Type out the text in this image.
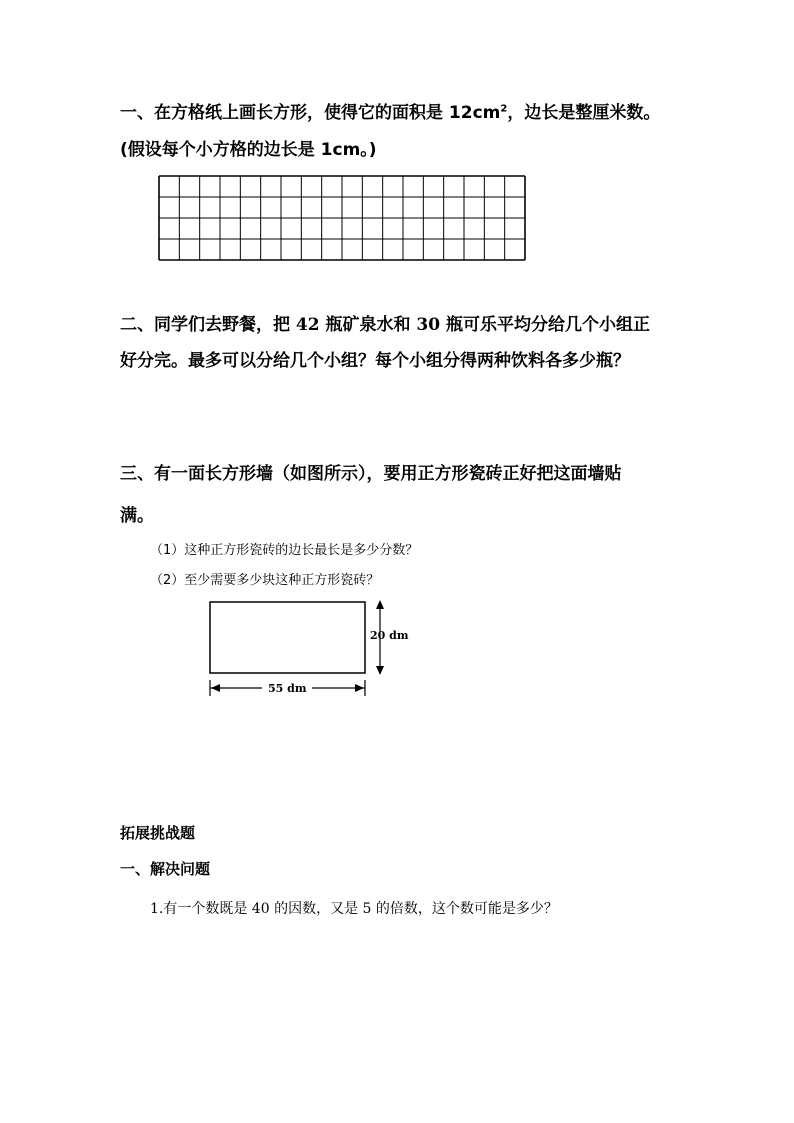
一、在方格纸上画长方形，使得它的面积是 $12cm^2$，边长是整厘米数。

(假设每个小方格的边长是 1cm。)

二、同学们去野餐，把 42 瓶矿泉水和 30 瓶可乐平均分给几个小组正

好分完。最多可以分给几个小组？每个小组分得两种饮料各多少瓶？

三、有一面长方形墙（如图所示），要用正方形瓷砖正好把这面墙贴

满。

（1）这种正方形瓷砖的边长最长是多少分数？

（2）至少需要多少块这种正方形瓷砖？

20 dm
55 dm

拓展挑战题

一、解决问题

1.有一个数既是 40 的因数，又是 5 的倍数，这个数可能是多少？
